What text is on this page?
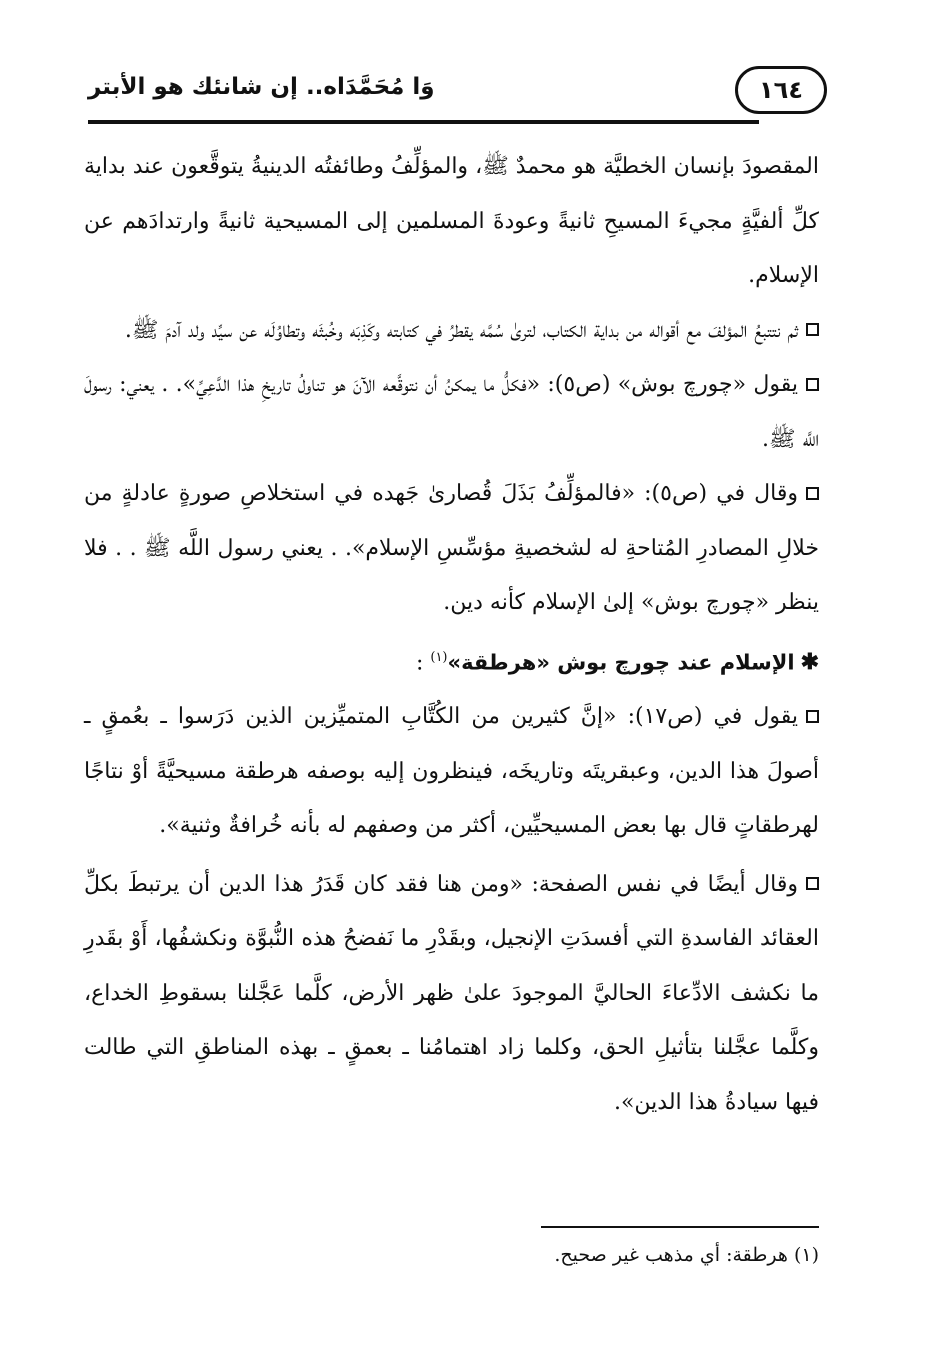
١٦٤
وَا مُحَمَّدَاه.. إن شانئك هو الأبتر

المقصودَ بإنسان الخطيَّة هو محمدٌ ﷺ، والمؤلِّفُ وطائفتُه الدينيةُ يتوقَّعون عند بداية كلِّ ألفيَّةٍ مجيءَ المسيحِ ثانيةً وعودةَ المسلمين إلى المسيحية ثانيةً وارتدادَهم عن الإسلام.

ثم نتتبعُ المؤلفَ مع أقواله من بداية الكتاب، لترىٰ سُمَّه يقطرُ في كتابته وكَذِبَه وخُبثَه وتطاوُلَه عن سيِّد ولد آدمَ ﷺ.

يقول «چورچ بوش» (ص٥): «فكلُّ ما يمكنُ أن نتوقَّعه الآنَ هو تناولُ تاريخِ هذا الدَّعِيِّ». . يعني: رسولَ اللَّه ﷺ.

وقال في (ص٥): «فالمؤلِّفُ بَذَلَ قُصارىٰ جَهده في استخلاصِ صورةٍ عادلةٍ من خلالِ المصادرِ المُتاحةِ له لشخصيةِ مؤسِّسِ الإسلام». . يعني رسول اللَّه ﷺ . . فلا ينظر «چورچ بوش» إلىٰ الإسلام كأنه دين.

✱الإسلام عند چورچ بوش «هرطقة»$^{(١)}$ :

يقول في (ص١٧): «إنَّ كثيرين من الكُتَّابِ المتميِّزين الذين دَرَسوا ـ بعُمقٍ ـ أصولَ هذا الدين، وعبقريتَه وتاريخَه، فينظرون إليه بوصفه هرطقة مسيحيَّةً أوْ نتاجًا لهرطقاتٍ قال بها بعض المسيحيِّين، أكثر من وصفهم له بأنه خُرافةٌ وثنية».

وقال أيضًا في نفس الصفحة: «ومن هنا فقد كان قَدَرُ هذا الدين أن يرتبطَ بكلِّ العقائد الفاسدةِ التي أفسدَتِ الإنجيل، وبقَدْرِ ما نَفضحُ هذه النُّبوَّة ونكشفُها، أَوْ بقَدرِ ما نكشف الادِّعاءَ الحاليَّ الموجودَ علىٰ ظهر الأرض، كلَّما عَجَّلنا بسقوطِ الخداع، وكلَّما عجَّلنا بتأثيلِ الحق، وكلما زاد اهتمامُنا ـ بعمقٍ ـ بهذه المناطقِ التي طالت فيها سيادةُ هذا الدين».

(١) هرطقة: أي مذهب غير صحيح.
